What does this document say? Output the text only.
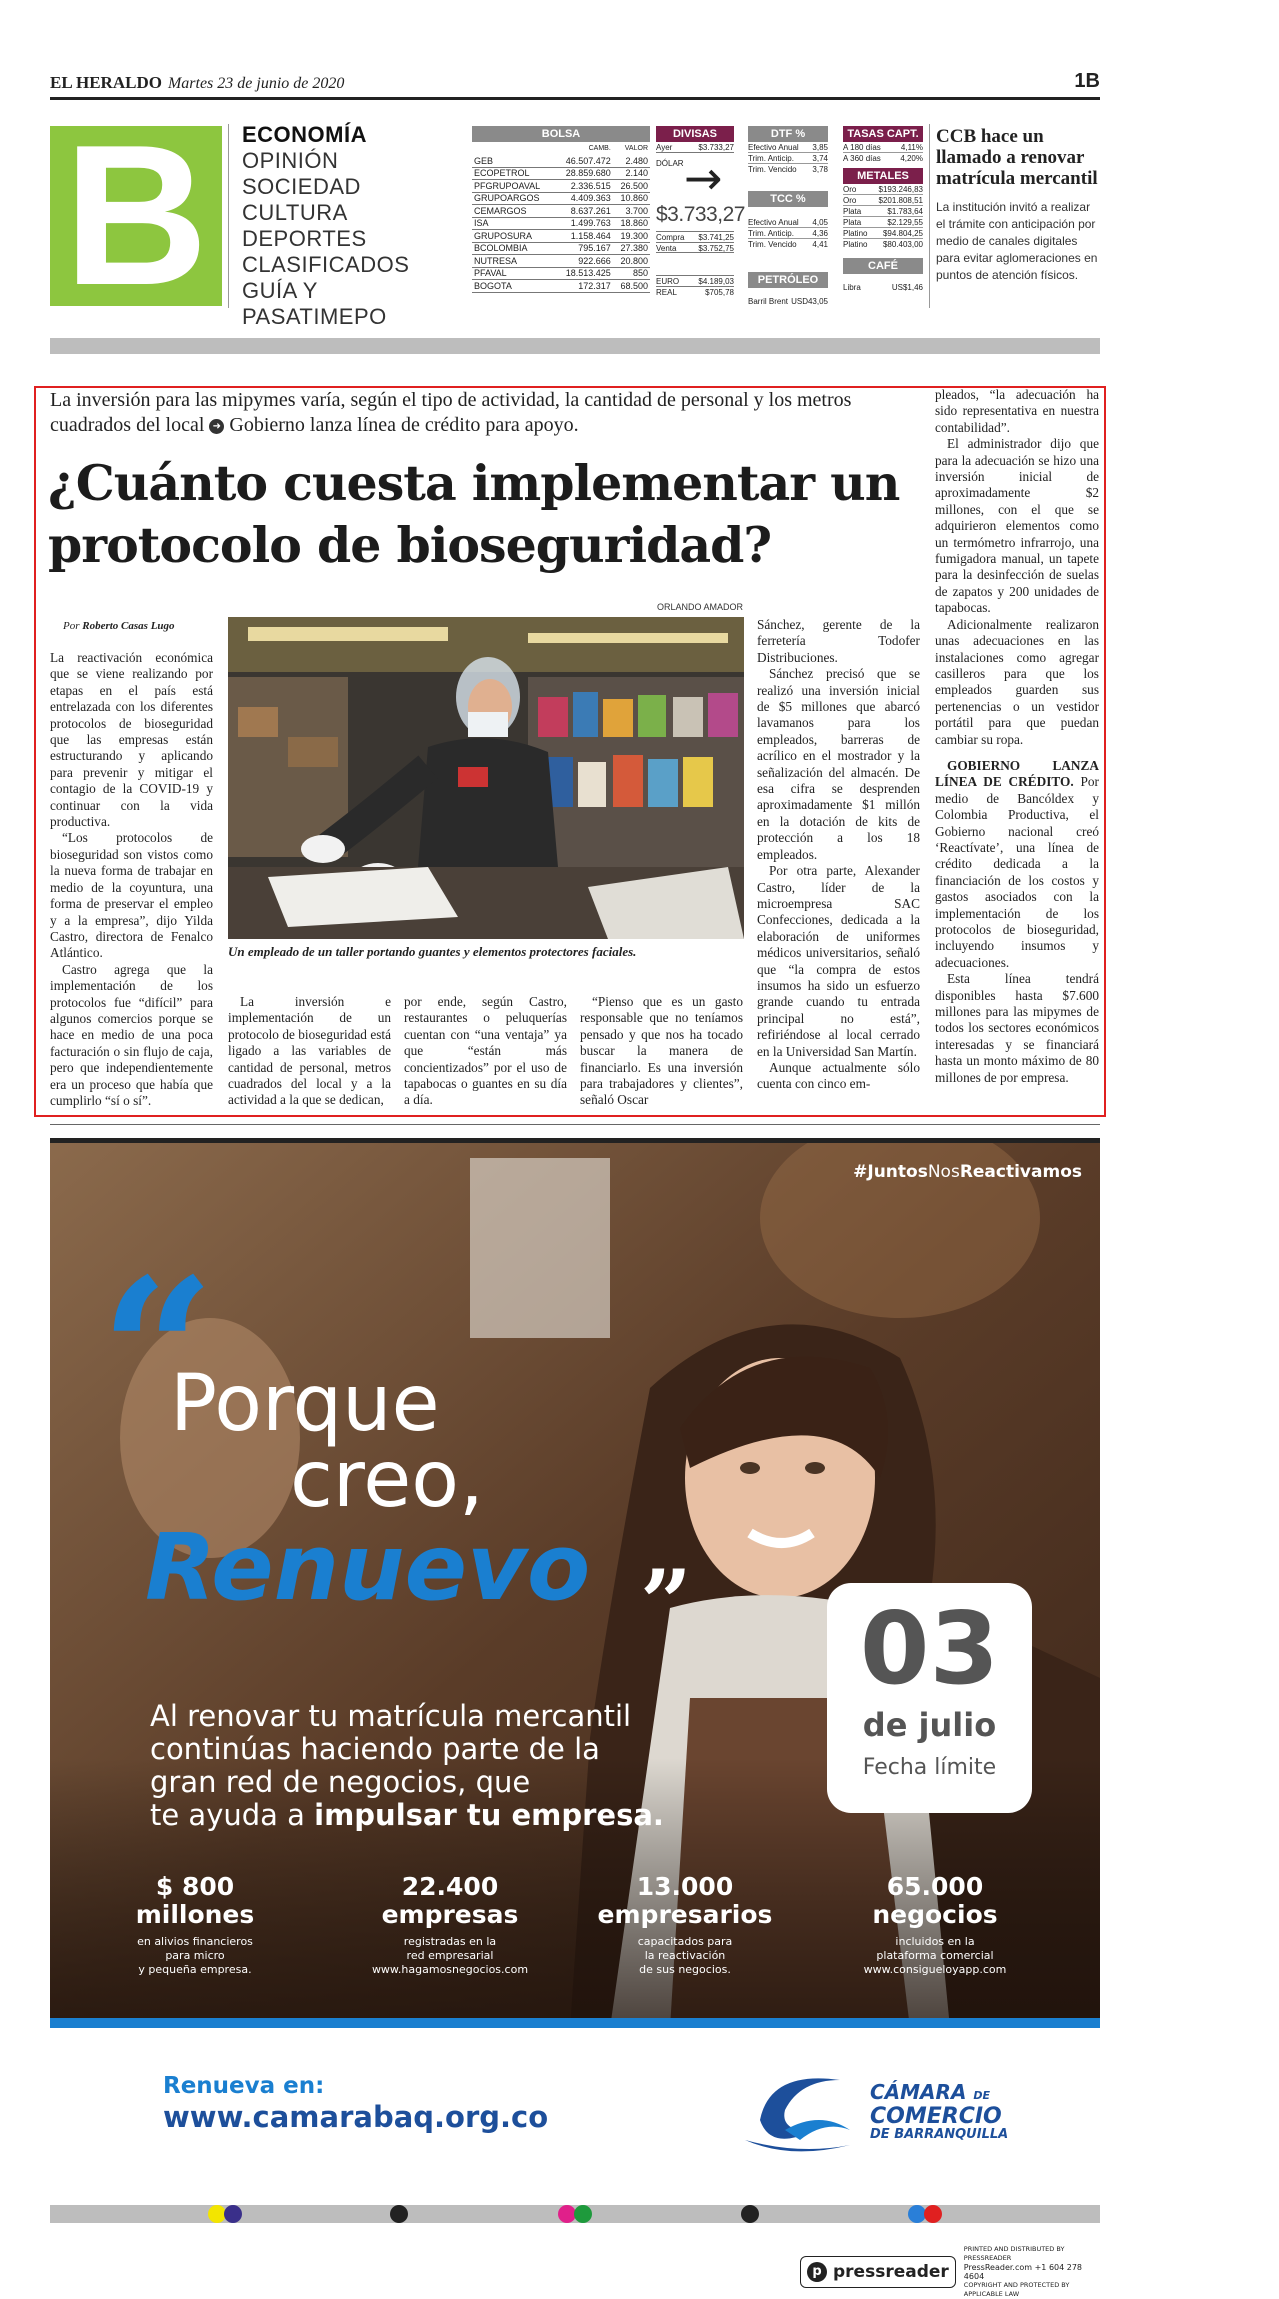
EL HERALDO Martes 23 de junio de 2020	1B
B	ECONOMÍA
OPINIÓN
SOCIEDAD
CULTURA
DEPORTES
CLASIFICADOS
GUÍA Y PASATIMEPO
BOLSA
	CAMB.	VALOR
GEB	46.507.472	2.480
ECOPETROL	28.859.680	2.140
PFGRUPOAVAL	2.336.515	26.500
GRUPOARGOS	4.409.363	10.860
CEMARGOS	8.637.261	3.700
ISA	1.499.763	18.860
GRUPOSURA	1.158.464	19.300
BCOLOMBIA	795.167	27.380
NUTRESA	922.666	20.800
PFAVAL	18.513.425	850
BOGOTA	172.317	68.500
DIVISAS
Ayer	$3.733,27
DÓLAR →
$3.733,27
Compra $3.741,25
Venta	$3.752,75
EURO $4.189,03
REAL	$705,78
DTF %
Efectivo Anual 3,85
Trim. Anticip. 3,74
Trim. Vencido 3,78
TCC %
Efectivo Anual 4,05
Trim. Anticip. 4,36
Trim. Vencido 4,41
PETRÓLEO
Barril Brent USD43,05
TASAS CAPT.
A 180 días	4,11%
A 360 días 4,20%
METALES
Oro	$193.246,83
Oro	$201.808,51
Plata	$1.783,64
Plata	$2.129,55
Platino $94.804,25
Platino $80.403,00
CAFÉ
Libra	US$1,46
CCB hace un llamado a renovar matrícula mercantil

La institución invitó a realizar el trámite con anticipación por medio de canales digitales para evitar aglomeraciones en puntos de atención físicos.

La inversión para las mipymes varía, según el tipo de actividad, la cantidad de personal y los metros cuadrados del local ➜ Gobierno lanza línea de crédito para apoyo.
¿Cuánto cuesta implementar un protocolo de bioseguridad?
Por Roberto Casas Lugo
ORLANDO AMADOR
Un empleado de un taller portando guantes y elementos protectores faciales.

La reactivación económica que se viene realizando por etapas en el país está entrelazada con los diferentes protocolos de bioseguridad que las empresas están estructurando y aplicando para prevenir y mitigar el contagio de la COVID-19 y continuar con la vida productiva.

“Los protocolos de bioseguridad son vistos como la nueva forma de trabajar en medio de la coyuntura, una forma de preservar el empleo y a la empresa”, dijo Yilda Castro, directora de Fenalco Atlántico.

Castro agrega que la implementación de los protocolos fue “difícil” para algunos comercios porque se hace en medio de una poca facturación o sin flujo de caja, pero que independientemente era un proceso que había que cumplirlo “sí o sí”.

La inversión e implementación de un protocolo de bioseguridad está ligado a las variables de cantidad de personal, metros cuadrados del local y a la actividad a la que se dedican,

por ende, según Castro, restaurantes o peluquerías cuentan con “una ventaja” ya que “están más concientizados” por el uso de tapabocas o guantes en su día a día.

“Pienso que es un gasto responsable que no teníamos pensado y que nos ha tocado buscar la manera de financiarlo. Es una inversión para trabajadores y clientes”, señaló Oscar

Sánchez, gerente de la ferretería Todofer Distribuciones.

Sánchez precisó que se realizó una inversión inicial de $5 millones que abarcó lavamanos para los empleados, barreras de acrílico en el mostrador y la señalización del almacén. De esa cifra se desprenden aproximadamente $1 millón en la dotación de kits de protección a los 18 empleados.

Por otra parte, Alexander Castro, líder de la microempresa SAC Confecciones, dedicada a la elaboración de uniformes médicos universitarios, señaló que “la compra de estos insumos ha sido un esfuerzo grande cuando tu entrada principal no está”, refiriéndose al local cerrado en la Universidad San Martín.

Aunque actualmente sólo cuenta con cinco em-

pleados, “la adecuación ha sido representativa en nuestra contabilidad”.

El administrador dijo que para la adecuación se hizo una inversión inicial de aproximadamente $2 millones, con el que se adquirieron elementos como un termómetro infrarrojo, una fumigadora manual, un tapete para la desinfección de suelas de zapatos y 200 unidades de tapabocas.

Adicionalmente realizaron unas adecuaciones en las instalaciones como agregar casilleros para que los empleados guarden sus pertenencias o un vestidor portátil para que puedan cambiar su ropa.

GOBIERNO LANZA LÍNEA DE CRÉDITO. Por medio de Bancóldex y Colombia Productiva, el Gobierno nacional creó ‘Reactívate’, una línea de crédito dedicada a la financiación de los costos y gastos asociados con la implementación de los protocolos de bioseguridad, incluyendo insumos y adecuaciones.

Esta línea tendrá disponibles hasta $7.600 millones para las mipymes de todos los sectores económicos interesadas y se financiará hasta un monto máximo de 80 millones de por empresa.

#JuntosNosReactivamos
“
Porque
creo,
Renuevo ”
Al renovar tu matrícula mercantil
continúas haciendo parte de la
gran red de negocios, que
te ayuda a impulsar tu empresa.
03
de julio
Fecha límite
$ 800
millones
en alivios financieros
para micro
y pequeña empresa.
22.400
empresas
registradas en la
red empresarial
www.hagamosnegocios.com
13.000
empresarios
capacitados para
la reactivación
de sus negocios.
65.000
negocios
incluidos en la
plataforma comercial
www.consigueloyapp.com
Renueva en:
www.camarabaq.org.co
CÁMARA DE
COMERCIO
DE BARRANQUILLA
p pressreader
PRINTED AND DISTRIBUTED BY PRESSREADER
PressReader.com +1 604 278 4604
COPYRIGHT AND PROTECTED BY APPLICABLE LAW
